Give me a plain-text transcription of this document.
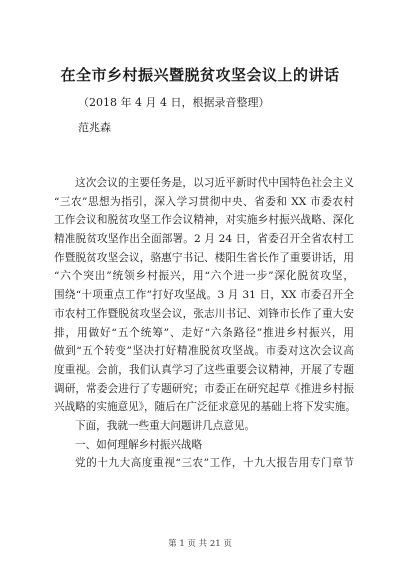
在全市乡村振兴暨脱贫攻坚会议上的讲话
（2018 年 4 月 4 日，根据录音整理）
范兆森
这次会议的主要任务是，以习近平新时代中国特色社会主义
“三农”思想为指引，深入学习贯彻中央、省委和 XX 市委农村
工作会议和脱贫攻坚工作会议精神，对实施乡村振兴战略、深化
精准脱贫攻坚作出全面部署。2 月 24 日，省委召开全省农村工
作暨脱贫攻坚会议，骆惠宁书记、楼阳生省长作了重要讲话，用
“六个突出”统领乡村振兴，用“六个进一步”深化脱贫攻坚，
围绕“十项重点工作”打好攻坚战。3 月 31 日，XX 市委召开全
市农村工作暨脱贫攻坚会议，张志川书记、刘锋市长作了重大安
排，用做好“五个统筹”、走好“六条路径”推进乡村振兴，用
做到“五个转变”坚决打好精准脱贫攻坚战。市委对这次会议高
度重视。会前，我们认真学习了这些重要会议精神，开展了专题
调研，常委会进行了专题研究；市委正在研究起草《推进乡村振
兴战略的实施意见》，随后在广泛征求意见的基础上将下发实施。
下面，我就一些重大问题讲几点意见。
一、如何理解乡村振兴战略
党的十九大高度重视“三农”工作，十九大报告用专门章节
第 1 页 共 21 页
